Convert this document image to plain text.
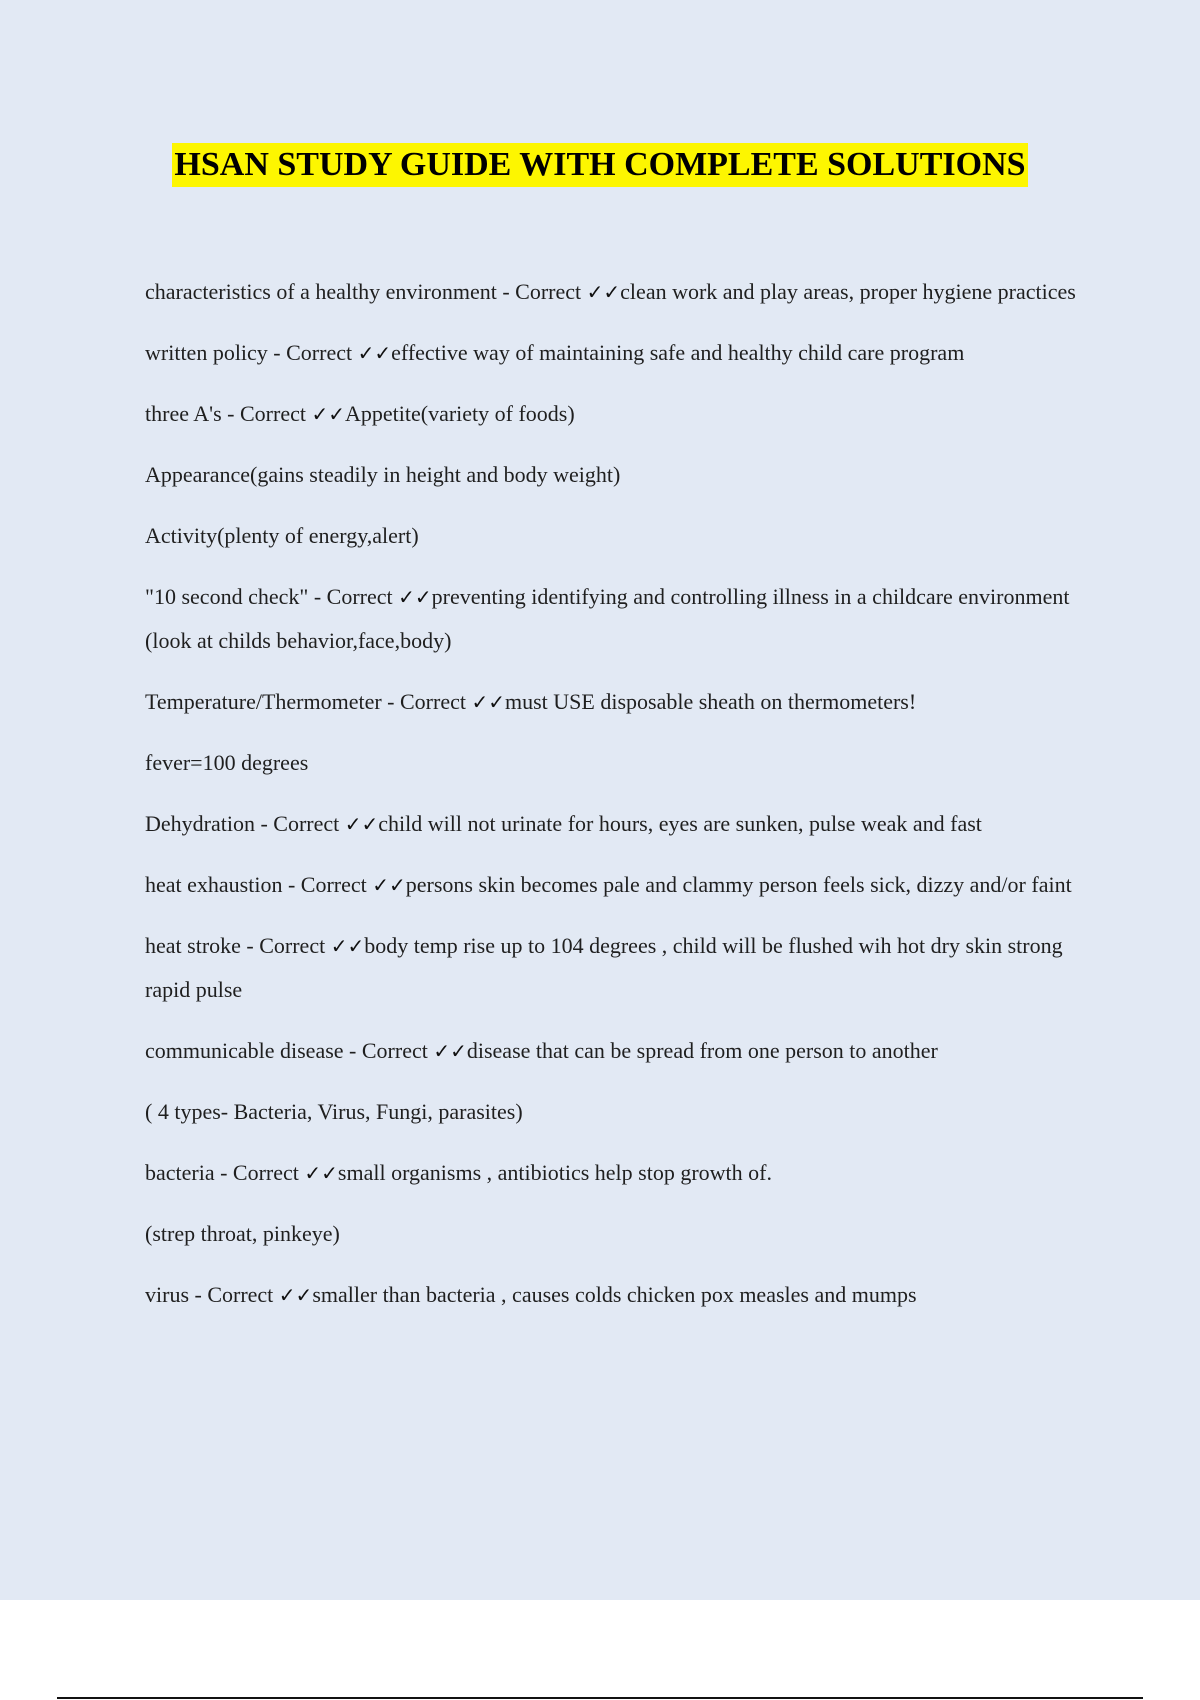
HSAN STUDY GUIDE WITH COMPLETE SOLUTIONS

characteristics of a healthy environment - Correct ✓✓clean work and play areas, proper hygiene practices

written policy - Correct ✓✓effective way of maintaining safe and healthy child care program

three A's - Correct ✓✓Appetite(variety of foods)

Appearance(gains steadily in height and body weight)

Activity(plenty of energy,alert)

"10 second check" - Correct ✓✓preventing identifying and controlling illness in a childcare environment (look at childs behavior,face,body)

Temperature/Thermometer - Correct ✓✓must USE disposable sheath on thermometers!

fever=100 degrees

Dehydration - Correct ✓✓child will not urinate for hours, eyes are sunken, pulse weak and fast

heat exhaustion - Correct ✓✓persons skin becomes pale and clammy person feels sick, dizzy and/or faint

heat stroke - Correct ✓✓body temp rise up to 104 degrees , child will be flushed wih hot dry skin strong rapid pulse

communicable disease - Correct ✓✓disease that can be spread from one person to another

( 4 types- Bacteria, Virus, Fungi, parasites)

bacteria - Correct ✓✓small organisms , antibiotics help stop growth of.

(strep throat, pinkeye)

virus - Correct ✓✓smaller than bacteria , causes colds chicken pox measles and mumps
